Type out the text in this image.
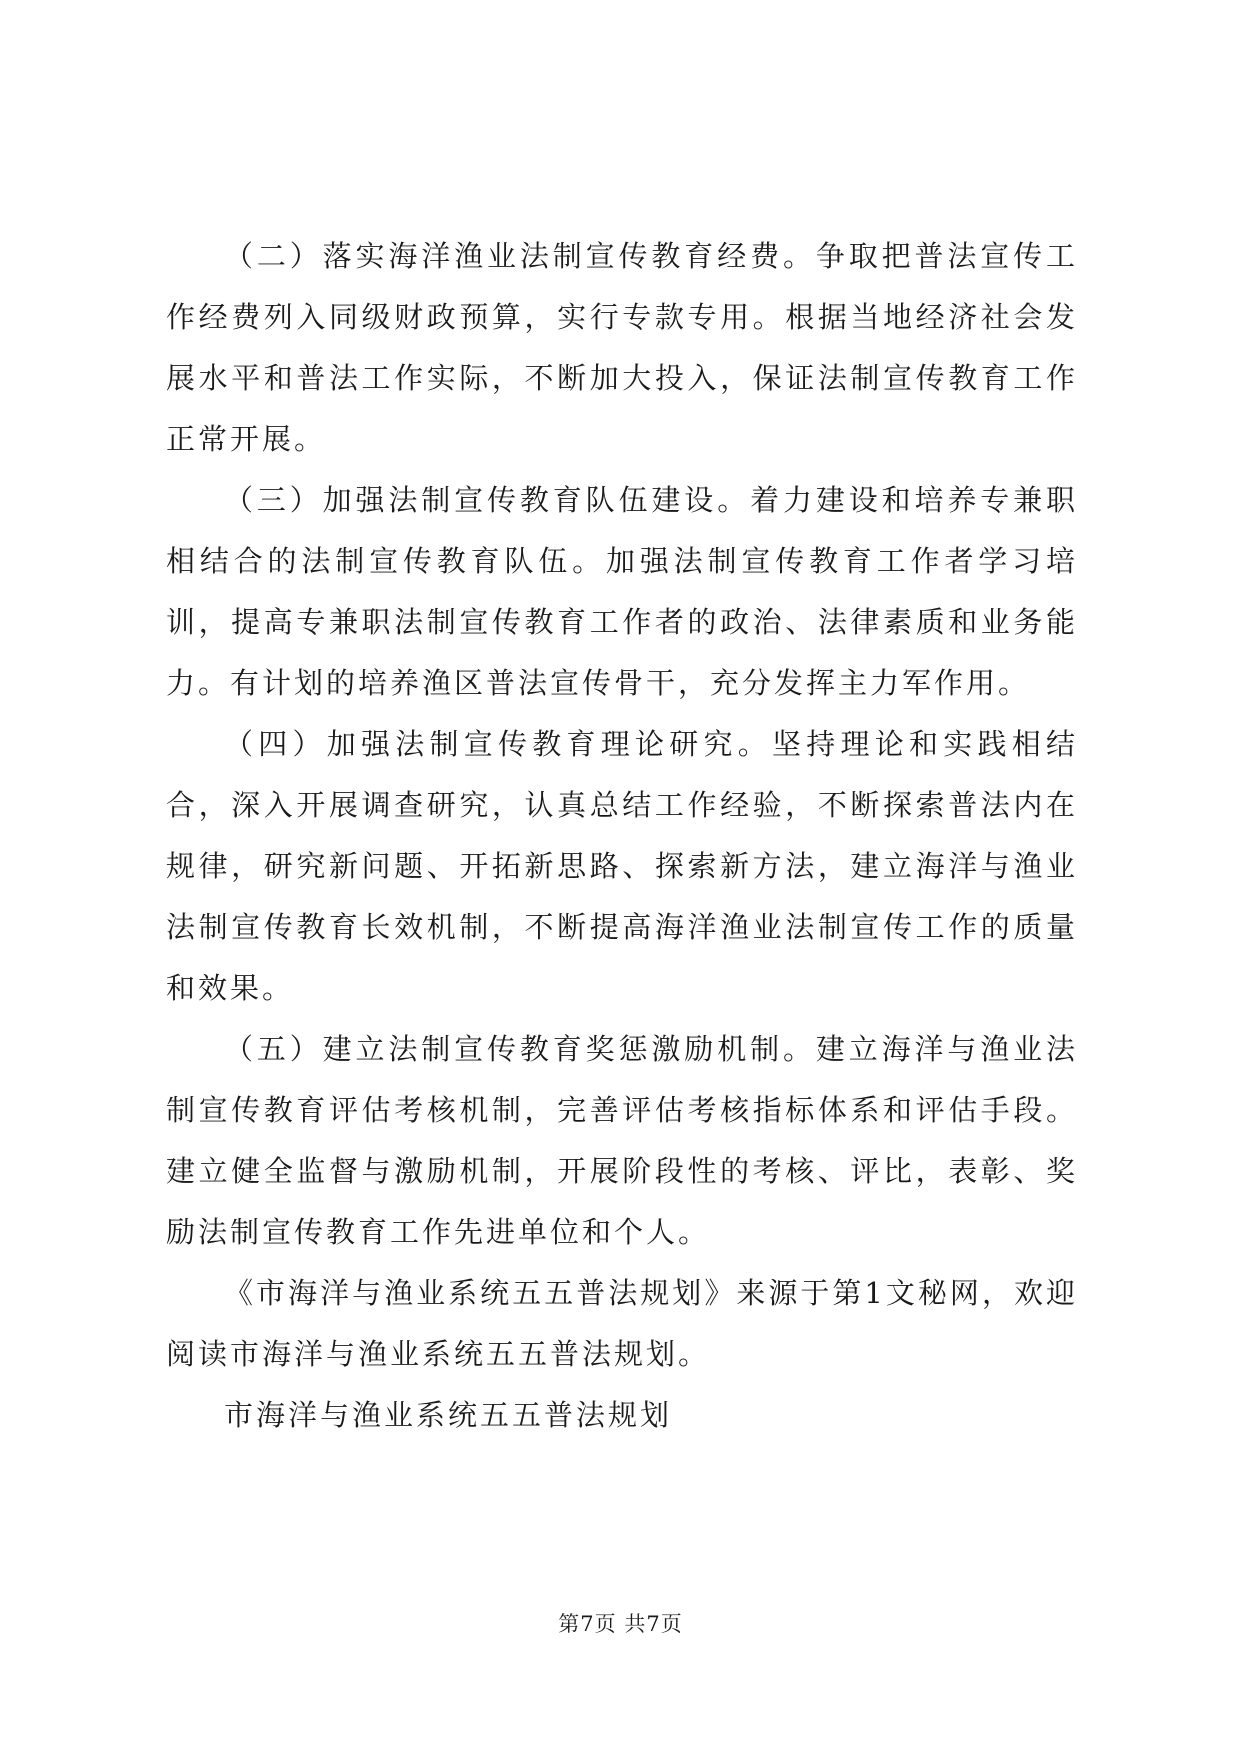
（二）落实海洋渔业法制宣传教育经费。争取把普法宣传工作经费列入同级财政预算，实行专款专用。根据当地经济社会发展水平和普法工作实际，不断加大投入，保证法制宣传教育工作正常开展。

（三）加强法制宣传教育队伍建设。着力建设和培养专兼职相结合的法制宣传教育队伍。加强法制宣传教育工作者学习培训，提高专兼职法制宣传教育工作者的政治、法律素质和业务能力。有计划的培养渔区普法宣传骨干，充分发挥主力军作用。

（四）加强法制宣传教育理论研究。坚持理论和实践相结合，深入开展调查研究，认真总结工作经验，不断探索普法内在规律，研究新问题、开拓新思路、探索新方法，建立海洋与渔业法制宣传教育长效机制，不断提高海洋渔业法制宣传工作的质量和效果。

（五）建立法制宣传教育奖惩激励机制。建立海洋与渔业法制宣传教育评估考核机制，完善评估考核指标体系和评估手段。建立健全监督与激励机制，开展阶段性的考核、评比，表彰、奖励法制宣传教育工作先进单位和个人。

《市海洋与渔业系统五五普法规划》来源于第1文秘网，欢迎阅读市海洋与渔业系统五五普法规划。

市海洋与渔业系统五五普法规划

第7页 共7页
